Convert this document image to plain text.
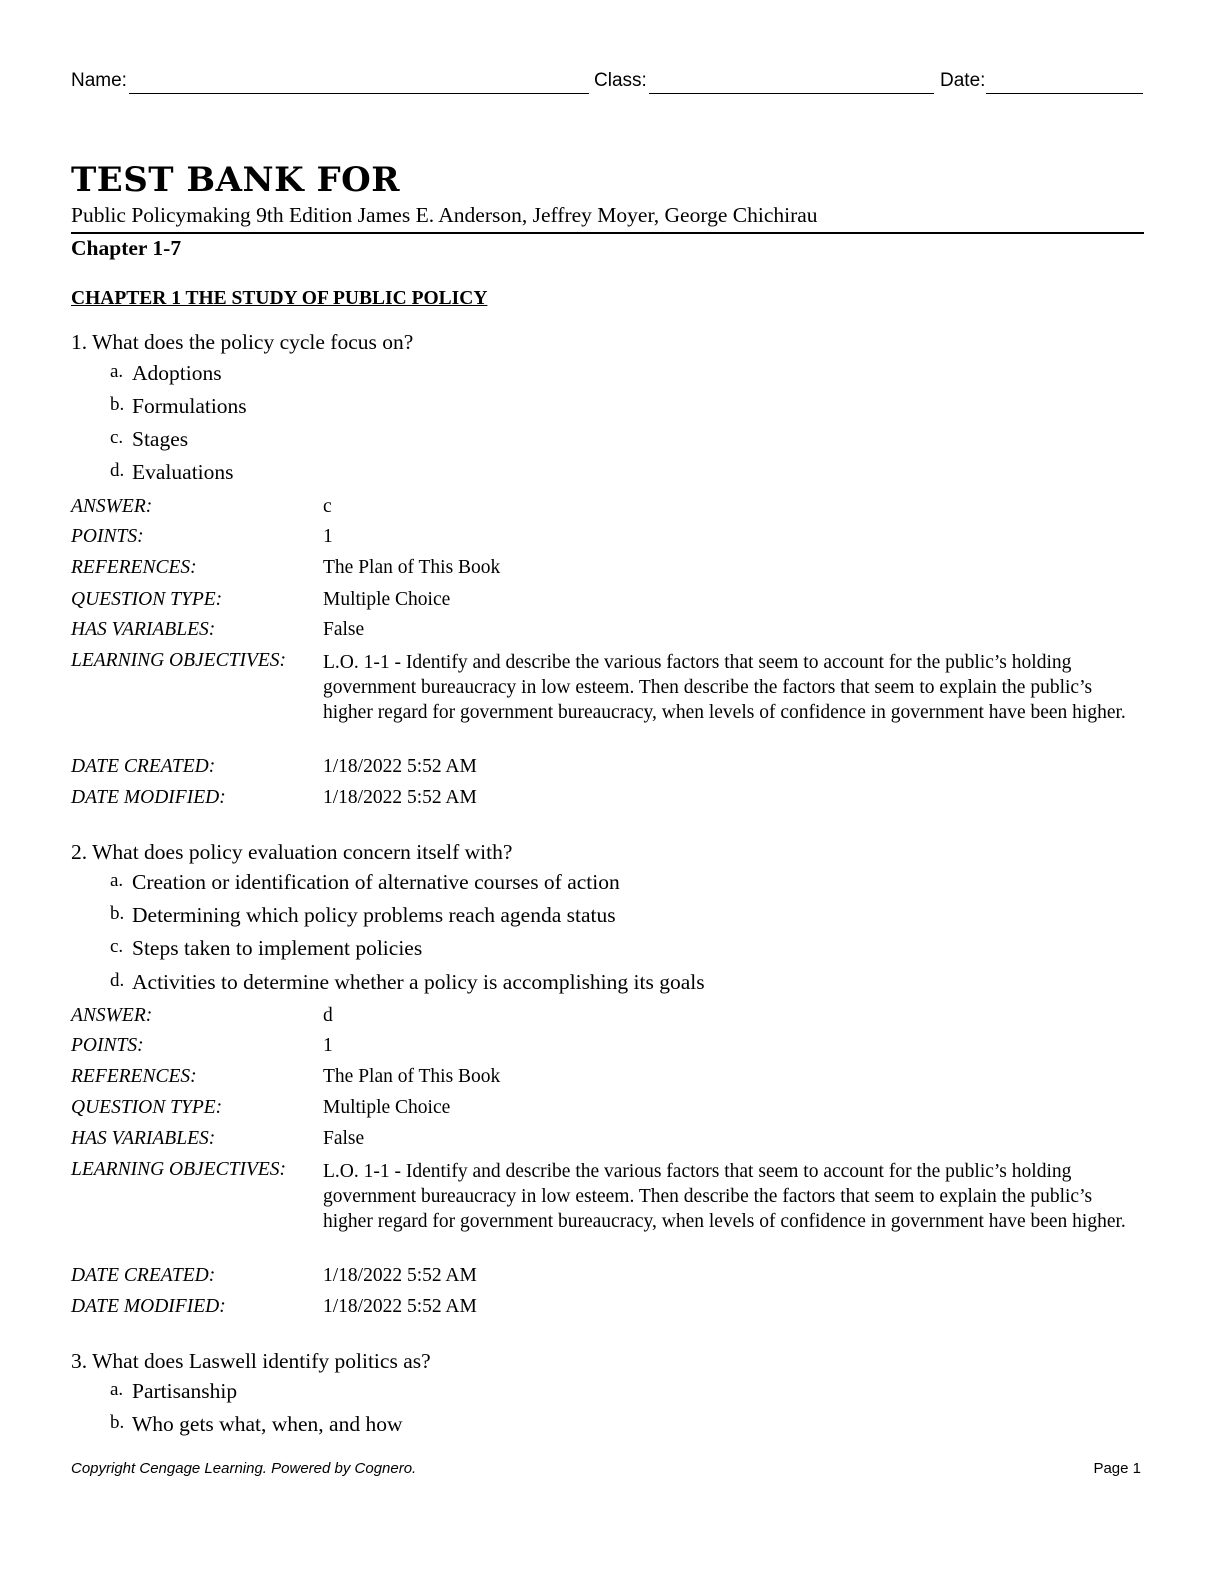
Name:	Class:	Date:
TEST BANK FOR
Public Policymaking 9th Edition James E. Anderson, Jeffrey Moyer, George Chichirau
Chapter 1-7
CHAPTER 1 THE STUDY OF PUBLIC POLICY
1. What does the policy cycle focus on?
a. Adoptions
b. Formulations
c. Stages
d. Evaluations
ANSWER:	c
POINTS:	1
REFERENCES:	The Plan of This Book
QUESTION TYPE:	Multiple Choice
HAS VARIABLES:	False
LEARNING OBJECTIVES: L.O. 1-1 - Identify and describe the various factors that seem to account for the public’s holding government bureaucracy in low esteem. Then describe the factors that seem to explain the public’s higher regard for government bureaucracy, when levels of confidence in government have been higher.
DATE CREATED:	1/18/2022 5:52 AM
DATE MODIFIED:	1/18/2022 5:52 AM
2. What does policy evaluation concern itself with?
a. Creation or identification of alternative courses of action
b. Determining which policy problems reach agenda status
c. Steps taken to implement policies
d. Activities to determine whether a policy is accomplishing its goals
ANSWER:	d
POINTS:	1
REFERENCES:	The Plan of This Book
QUESTION TYPE:	Multiple Choice
HAS VARIABLES:	False
LEARNING OBJECTIVES: L.O. 1-1 - Identify and describe the various factors that seem to account for the public’s holding government bureaucracy in low esteem. Then describe the factors that seem to explain the public’s higher regard for government bureaucracy, when levels of confidence in government have been higher.
DATE CREATED:	1/18/2022 5:52 AM
DATE MODIFIED:	1/18/2022 5:52 AM
3. What does Laswell identify politics as?
a. Partisanship
b. Who gets what, when, and how
Copyright Cengage Learning. Powered by Cognero.	Page 1
